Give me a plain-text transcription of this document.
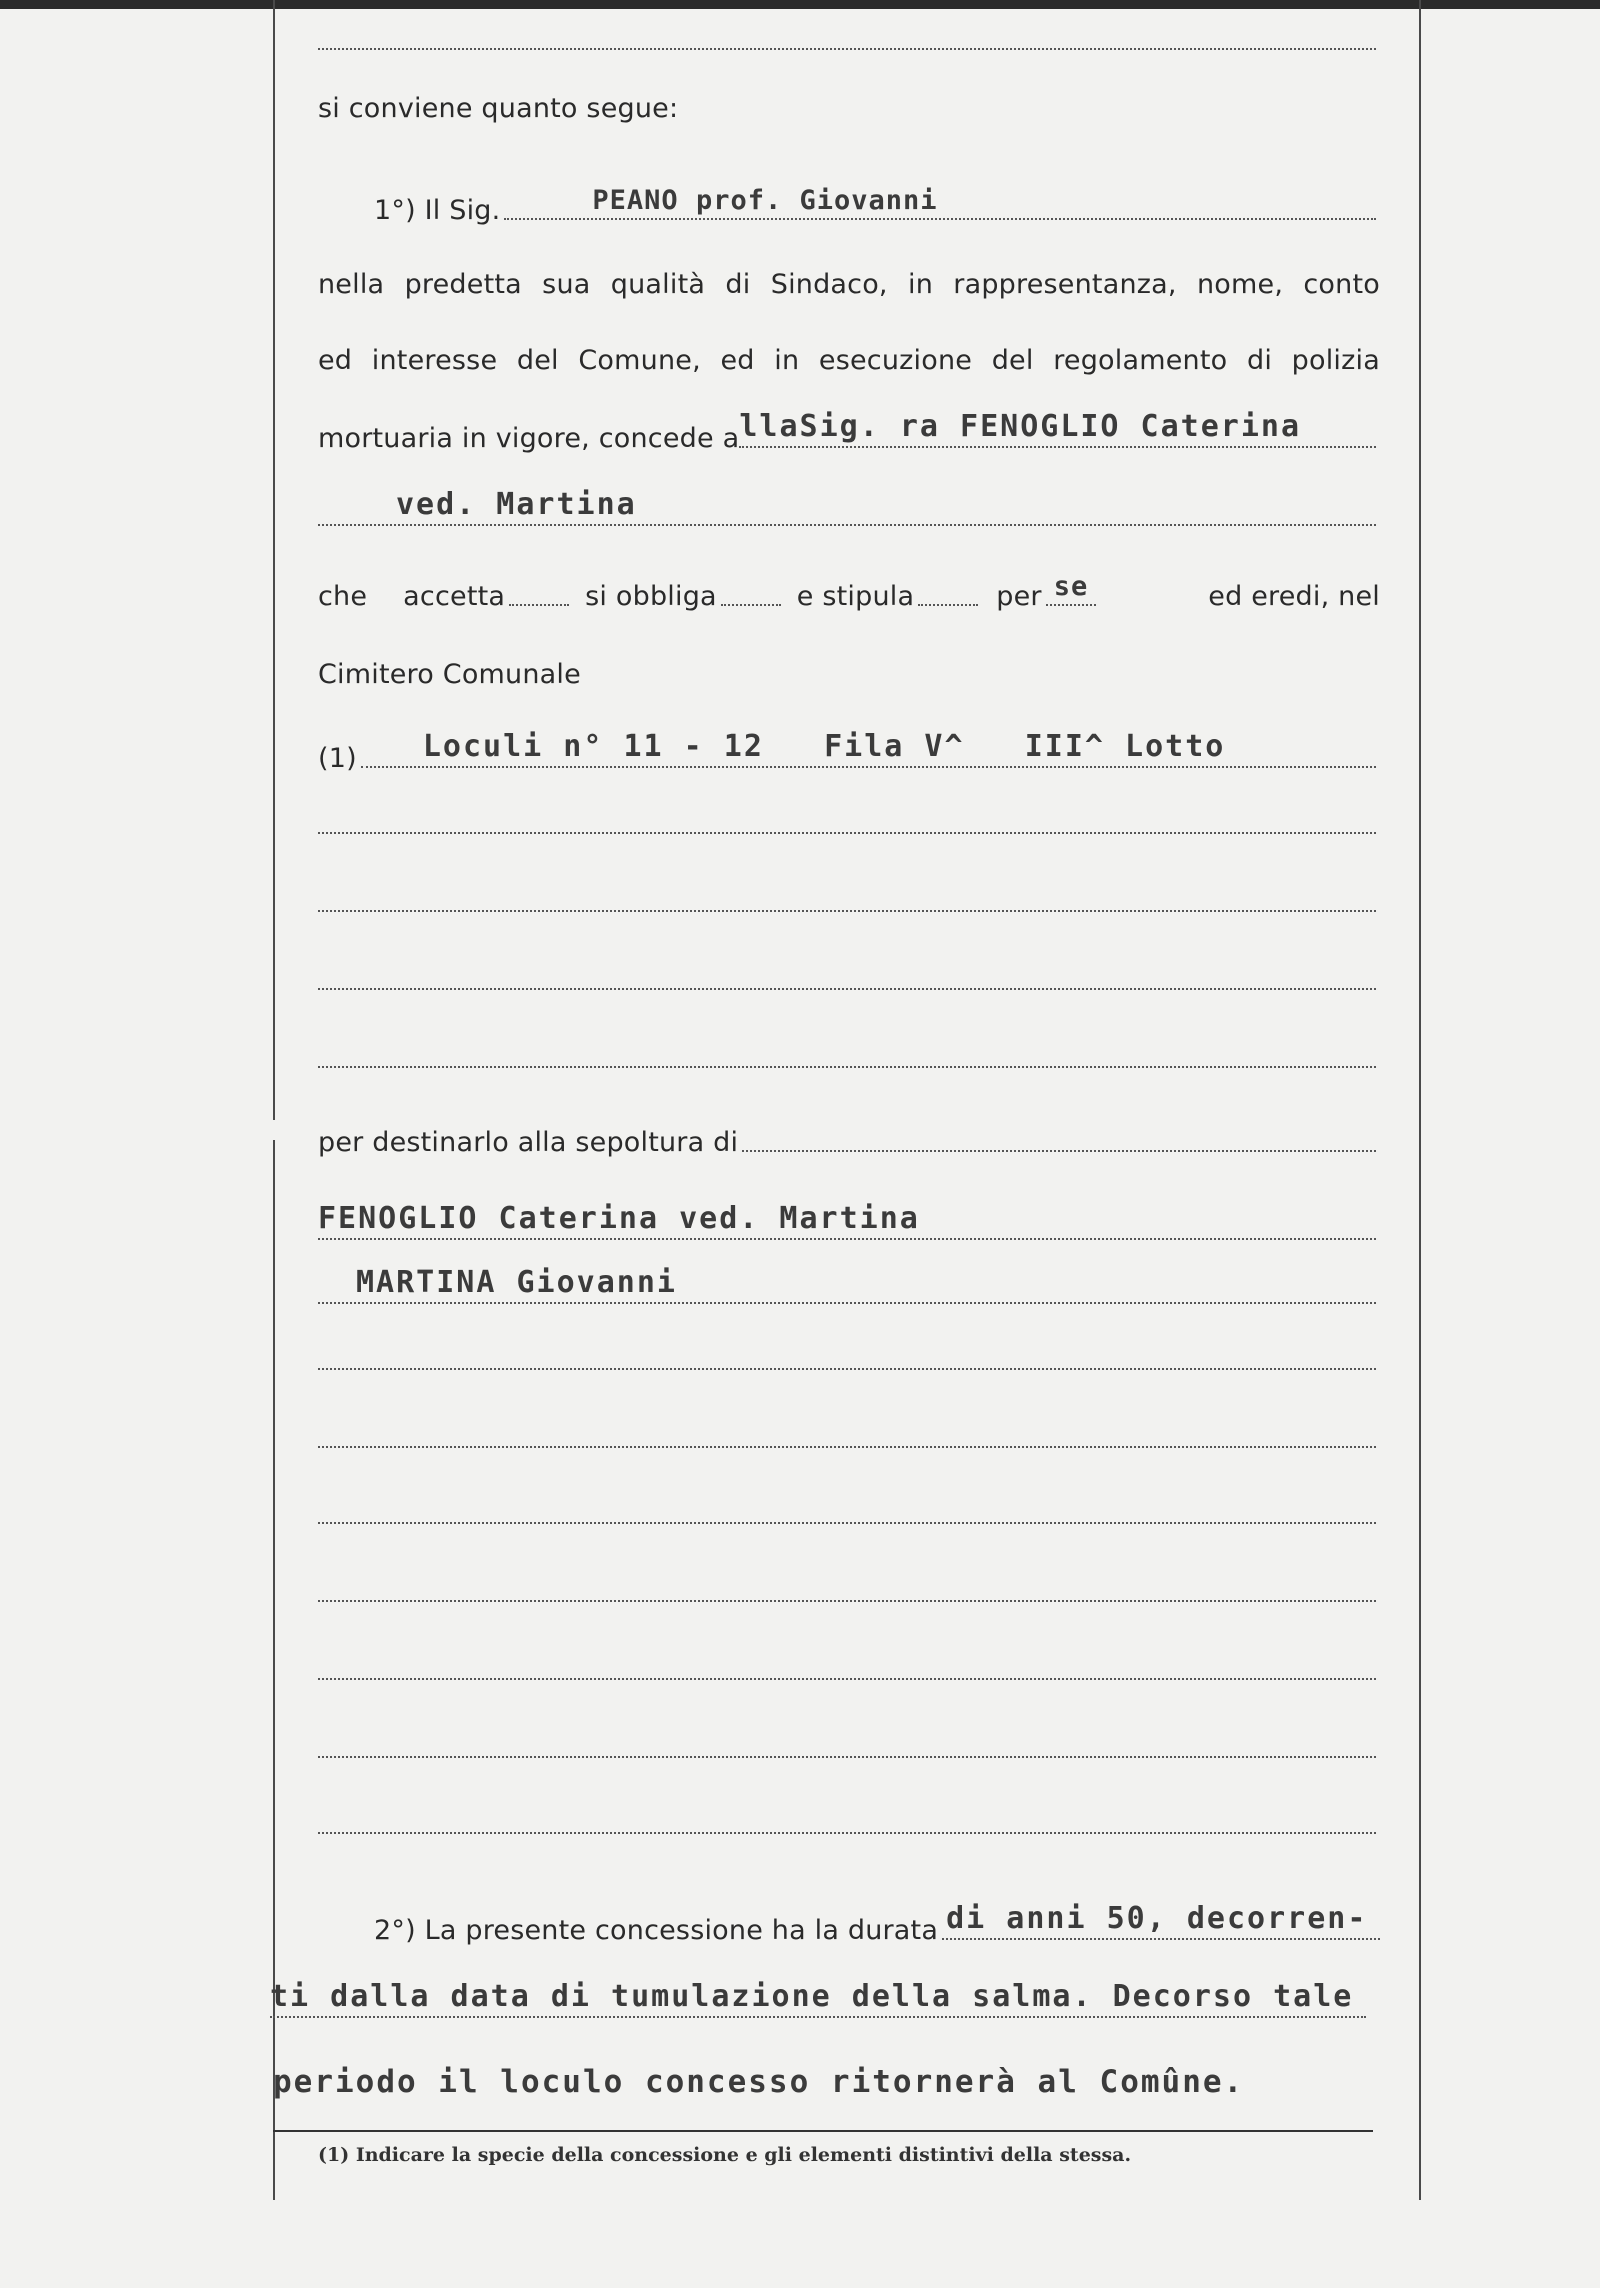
si conviene quanto segue:
1°) Il Sig.	PEANO prof. Giovanni
nella predetta sua qualità di Sindaco, in rappresentanza, nome, conto
ed interesse del Comune, ed in esecuzione del regolamento di polizia
mortuaria in vigore, concede a llaSig. ra FENOGLIO Caterina
ved. Martina
che accetta	si obbliga	e stipula	per se	ed eredi, nel
Cimitero Comunale
(1) Loculi n° 11 - 12   Fila V^   III^ Lotto
per destinarlo alla sepoltura di
FENOGLIO Caterina ved. Martina
MARTINA Giovanni
2°) La presente concessione ha la durata di anni 50, decorren-
ti dalla data di tumulazione della salma. Decorso tale
periodo il loculo concesso ritornerà al Comûne.
(1) Indicare la specie della concessione e gli elementi distintivi della stessa.
